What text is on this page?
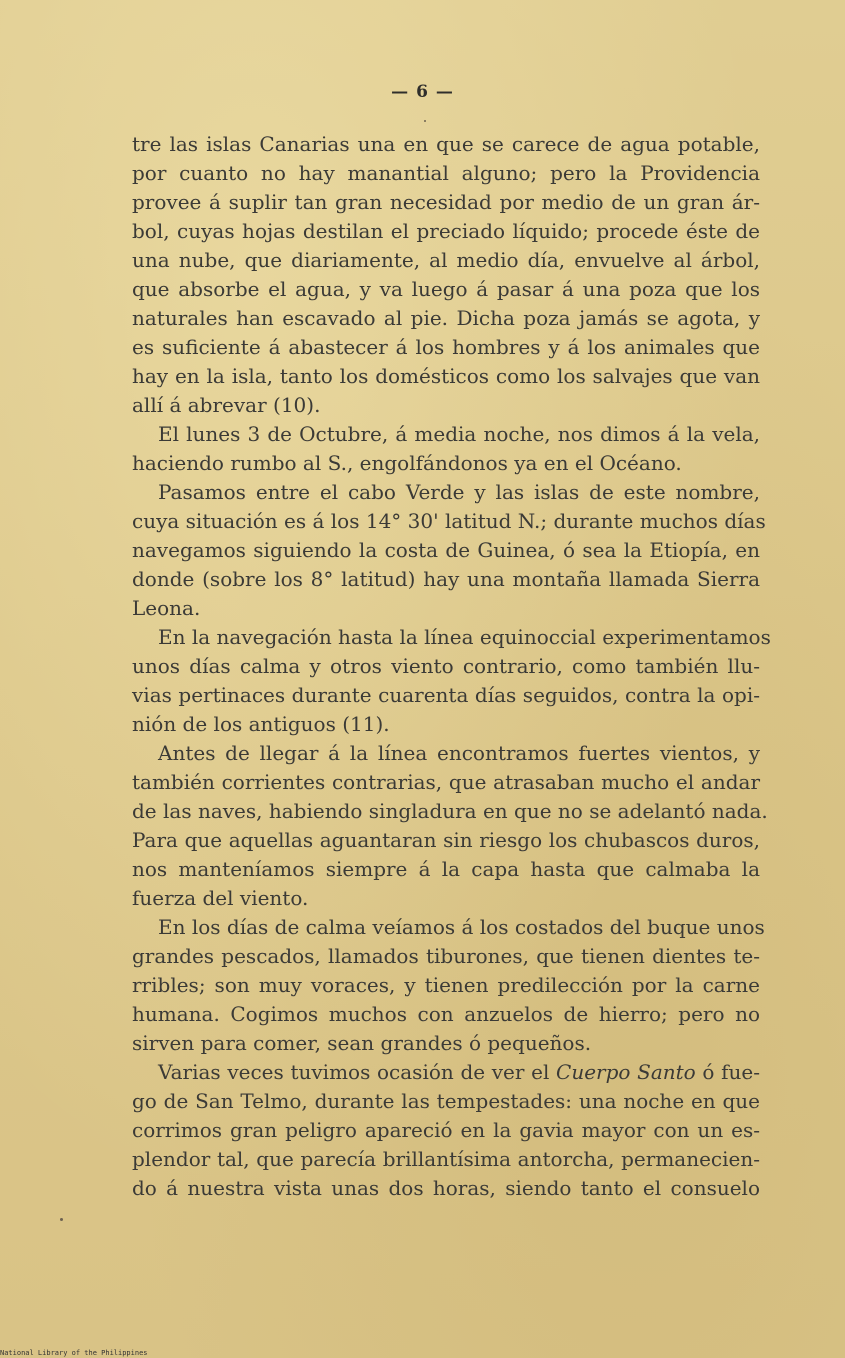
— 6 —
tre las islas Canarias una en que se carece de agua potable,
por cuanto no hay manantial alguno; pero la Providencia
provee á suplir tan gran necesidad por medio de un gran ár-
bol, cuyas hojas destilan el preciado líquido; procede éste de
una nube, que diariamente, al medio día, envuelve al árbol,
que absorbe el agua, y va luego á pasar á una poza que los
naturales han escavado al pie. Dicha poza jamás se agota, y
es suficiente á abastecer á los hombres y á los animales que
hay en la isla, tanto los domésticos como los salvajes que van
allí á abrevar (10).
El lunes 3 de Octubre, á media noche, nos dimos á la vela,
haciendo rumbo al S., engolfándonos ya en el Océano.
Pasamos entre el cabo Verde y las islas de este nombre,
cuya situación es á los 14° 30' latitud N.; durante muchos días
navegamos siguiendo la costa de Guinea, ó sea la Etiopía, en
donde (sobre los 8° latitud) hay una montaña llamada Sierra
Leona.
En la navegación hasta la línea equinoccial experimentamos
unos días calma y otros viento contrario, como también llu-
vias pertinaces durante cuarenta días seguidos, contra la opi-
nión de los antiguos (11).
Antes de llegar á la línea encontramos fuertes vientos, y
también corrientes contrarias, que atrasaban mucho el andar
de las naves, habiendo singladura en que no se adelantó nada.
Para que aquellas aguantaran sin riesgo los chubascos duros,
nos manteníamos siempre á la capa hasta que calmaba la
fuerza del viento.
En los días de calma veíamos á los costados del buque unos
grandes pescados, llamados tiburones, que tienen dientes te-
rribles; son muy voraces, y tienen predilección por la carne
humana. Cogimos muchos con anzuelos de hierro; pero no
sirven para comer, sean grandes ó pequeños.
Varias veces tuvimos ocasión de ver el Cuerpo Santo ó fue-
go de San Telmo, durante las tempestades: una noche en que
corrimos gran peligro apareció en la gavia mayor con un es-
plendor tal, que parecía brillantísima antorcha, permanecien-
do á nuestra vista unas dos horas, siendo tanto el consuelo
National Library of the Philippines
